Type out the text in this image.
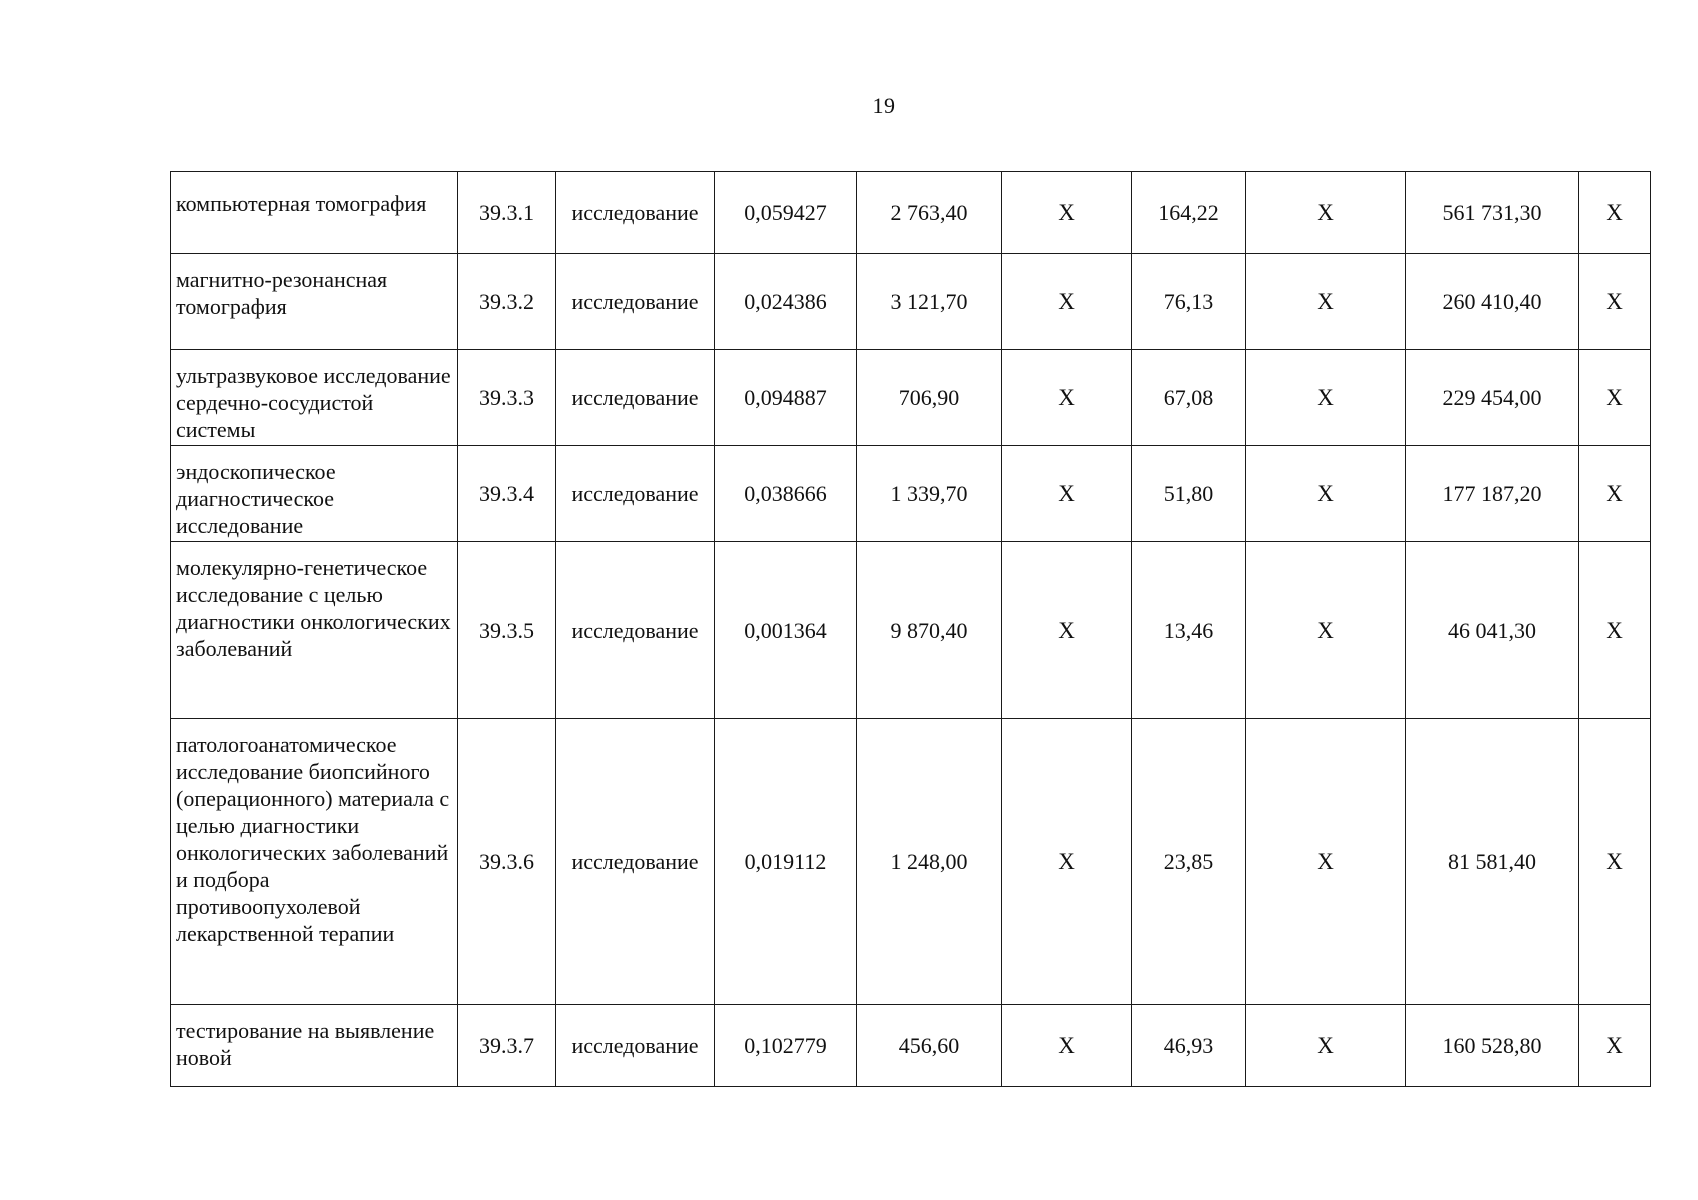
19
компьютерная томография	39.3.1	исследование	0,059427	2 763,40	Х	164,22	Х	561 731,30	Х
магнитно-резонансная томография	39.3.2	исследование	0,024386	3 121,70	Х	76,13	Х	260 410,40	Х
ультразвуковое исследование сердечно-сосудистой системы	39.3.3	исследование	0,094887	706,90	Х	67,08	Х	229 454,00	Х
эндоскопическое диагностическое исследование	39.3.4	исследование	0,038666	1 339,70	Х	51,80	Х	177 187,20	Х
молекулярно-генетическое исследование с целью диагностики онкологических заболеваний	39.3.5	исследование	0,001364	9 870,40	Х	13,46	Х	46 041,30	Х
патологоанатомическое исследование биопсийного (операционного) материала с целью диагностики онкологических заболеваний и подбора противоопухолевой лекарственной терапии	39.3.6	исследование	0,019112	1 248,00	Х	23,85	Х	81 581,40	Х
тестирование на выявление новой	39.3.7	исследование	0,102779	456,60	Х	46,93	Х	160 528,80	Х
